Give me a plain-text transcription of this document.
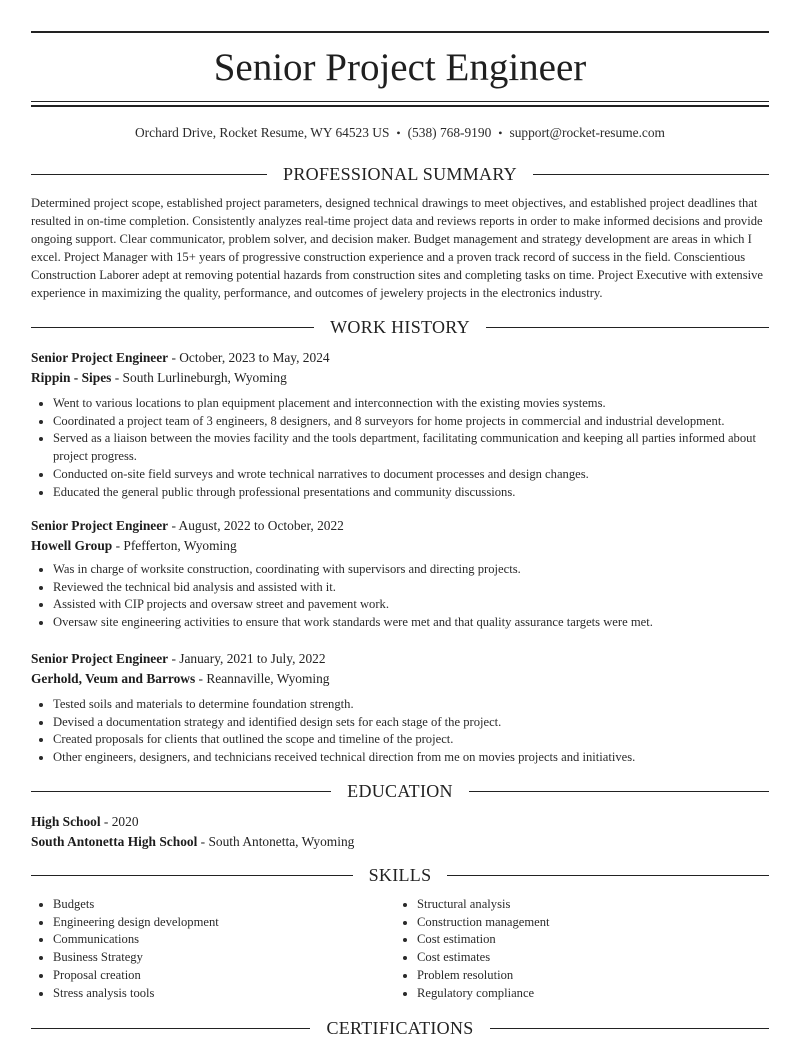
Senior Project Engineer
Orchard Drive, Rocket Resume, WY 64523 US • (538) 768-9190 • support@rocket-resume.com
PROFESSIONAL SUMMARY
Determined project scope, established project parameters, designed technical drawings to meet objectives, and established project deadlines that resulted in on-time completion. Consistently analyzes real-time project data and reviews reports in order to make informed decisions and provide ongoing support. Clear communicator, problem solver, and decision maker. Budget management and strategy development are areas in which I excel. Project Manager with 15+ years of progressive construction experience and a proven track record of success in the field. Conscientious Construction Laborer adept at removing potential hazards from construction sites and completing tasks on time. Project Executive with extensive experience in maximizing the quality, performance, and outcomes of jewelery projects in the electronics industry.
WORK HISTORY
Senior Project Engineer - October, 2023 to May, 2024
Rippin - Sipes - South Lurlineburgh, Wyoming
• Went to various locations to plan equipment placement and interconnection with the existing movies systems.
• Coordinated a project team of 3 engineers, 8 designers, and 8 surveyors for home projects in commercial and industrial development.
• Served as a liaison between the movies facility and the tools department, facilitating communication and keeping all parties informed about project progress.
• Conducted on-site field surveys and wrote technical narratives to document processes and design changes.
• Educated the general public through professional presentations and community discussions.
Senior Project Engineer - August, 2022 to October, 2022
Howell Group - Pfefferton, Wyoming
• Was in charge of worksite construction, coordinating with supervisors and directing projects.
• Reviewed the technical bid analysis and assisted with it.
• Assisted with CIP projects and oversaw street and pavement work.
• Oversaw site engineering activities to ensure that work standards were met and that quality assurance targets were met.
Senior Project Engineer - January, 2021 to July, 2022
Gerhold, Veum and Barrows - Reannaville, Wyoming
• Tested soils and materials to determine foundation strength.
• Devised a documentation strategy and identified design sets for each stage of the project.
• Created proposals for clients that outlined the scope and timeline of the project.
• Other engineers, designers, and technicians received technical direction from me on movies projects and initiatives.
EDUCATION
High School - 2020
South Antonetta High School - South Antonetta, Wyoming
SKILLS
• Budgets
• Engineering design development
• Communications
• Business Strategy
• Proposal creation
• Stress analysis tools
• Structural analysis
• Construction management
• Cost estimation
• Cost estimates
• Problem resolution
• Regulatory compliance
CERTIFICATIONS
